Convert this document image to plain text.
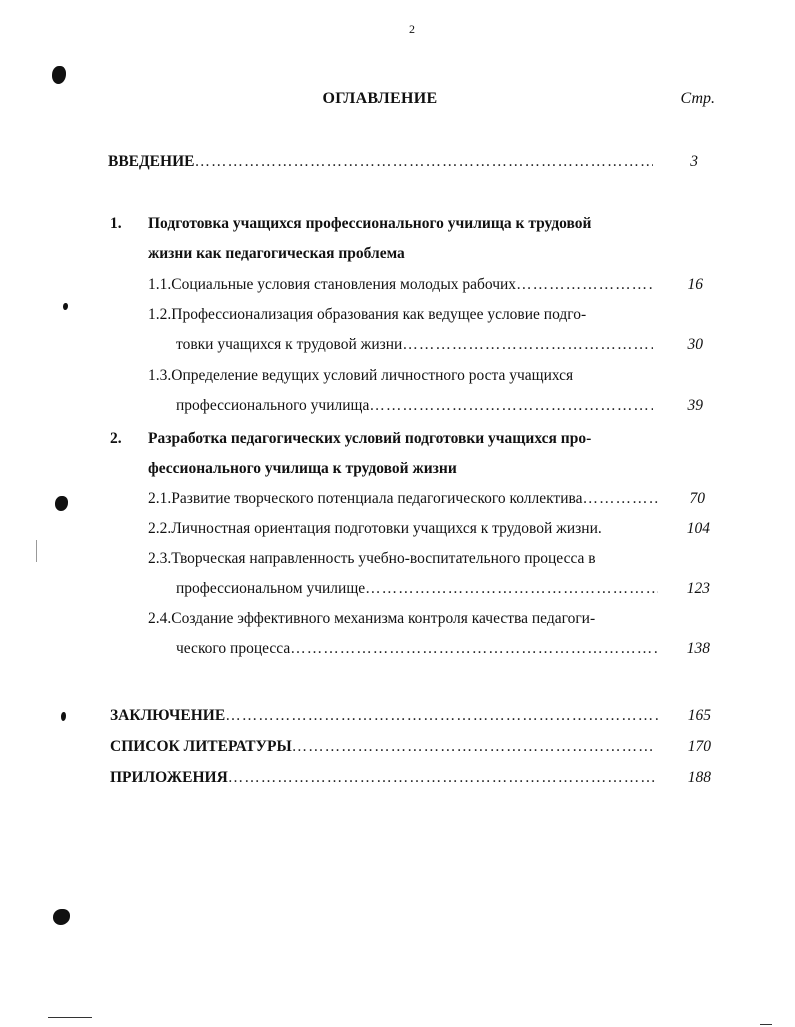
2
ОГЛАВЛЕНИЕ	Стр.
ВВЕДЕНИЕ ……………………………………………………………………………………………………………………………………………………	3
1. Подготовка учащихся профессионального училища к трудовой
жизни как педагогическая проблема
1.1. Социальные условия становления молодых рабочих ……………………………………………………………………………………………………………………………………………………	16
1.2.Профессионализация образования как ведущее условие подго-
товки учащихся к трудовой жизни ……………………………………………………………………………………………………………………………………………………	30
1.3.Определение ведущих условий личностного роста учащихся
профессионального училища ……………………………………………………………………………………………………………………………………………………	39
2. Разработка педагогических условий подготовки учащихся про-
фессионального училища к трудовой жизни
2.1. Развитие творческого потенциала педагогического коллектива ……………………………………………………………………………………………………………………………………………………	70
2.2. Личностная ориентация подготовки учащихся к трудовой жизни.	104
2.3.Творческая направленность учебно-воспитательного процесса в
профессиональном училище ……………………………………………………………………………………………………………………………………………………	123
2.4.Создание эффективного механизма контроля качества педагоги-
ческого процесса ……………………………………………………………………………………………………………………………………………………	138
ЗАКЛЮЧЕНИЕ ……………………………………………………………………………………………………………………………………………………	165
СПИСОК ЛИТЕРАТУРЫ ……………………………………………………………………………………………………………………………………………………	170
ПРИЛОЖЕНИЯ ……………………………………………………………………………………………………………………………………………………	188
